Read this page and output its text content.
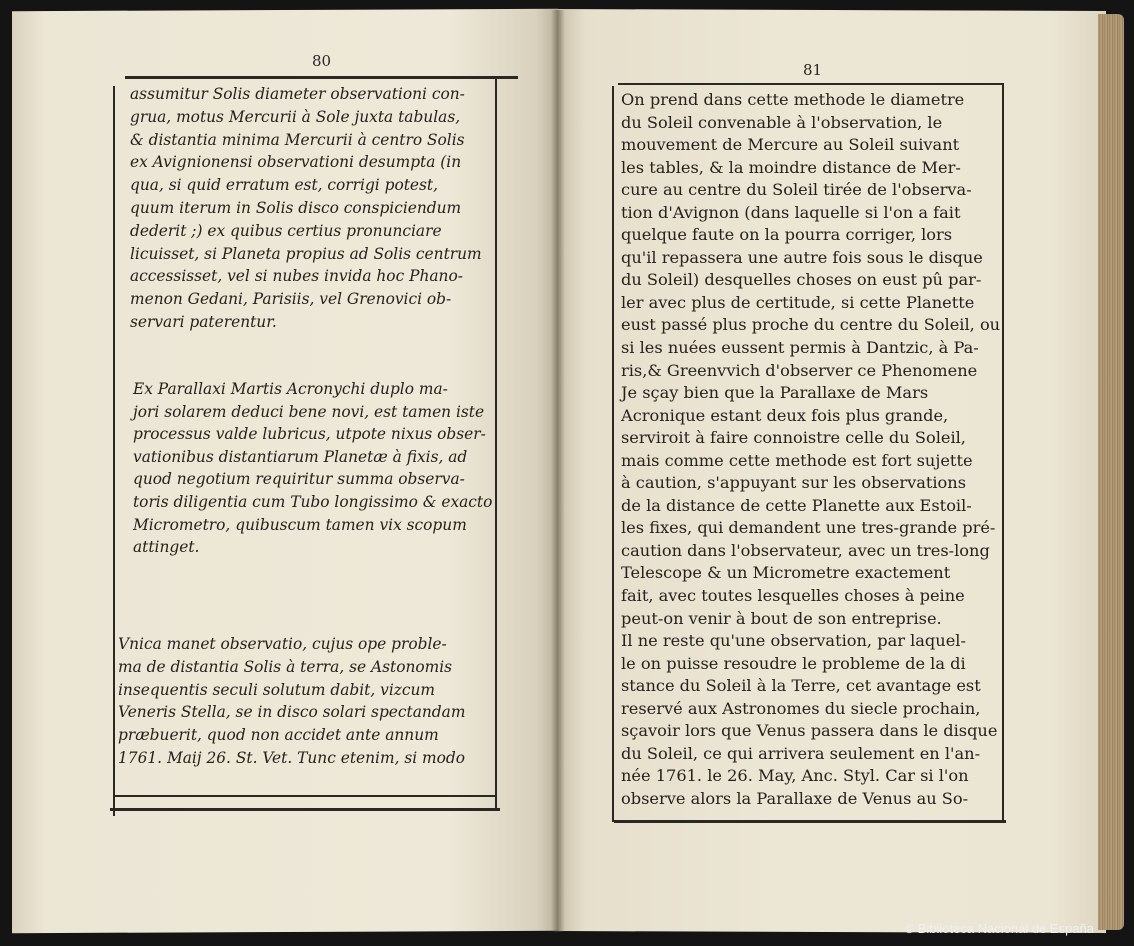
80	81
assumitur Solis diameter observationi con-
grua, motus Mercurii à Sole juxta tabulas,
& distantia minima Mercurii à centro Solis
ex Avignionensi observationi desumpta (in
qua, si quid erratum est, corrigi potest,
quum iterum in Solis disco conspiciendum
dederit ;) ex quibus certius pronunciare
licuisset, si Planeta propius ad Solis centrum
accessisset, vel si nubes invida hoc Phano-
menon Gedani, Parisiis, vel Grenovici ob-
servari paterentur.
Ex Parallaxi Martis Acronychi duplo ma-
jori solarem deduci bene novi, est tamen iste
processus valde lubricus, utpote nixus obser-
vationibus distantiarum Planetæ à fixis, ad
quod negotium requiritur summa observa-
toris diligentia cum Tubo longissimo & exacto
Micrometro, quibuscum tamen vix scopum
attinget.
Vnica manet observatio, cujus ope proble-
ma de distantia Solis à terra, se Astonomis
insequentis seculi solutum dabit, vizcum
Veneris Stella, se in disco solari spectandam
præbuerit, quod non accidet ante annum
1761. Maij 26. St. Vet. Tunc etenim, si modo
On prend dans cette methode le diametre
du Soleil convenable à l'observation, le
mouvement de Mercure au Soleil suivant
les tables, & la moindre distance de Mer-
cure au centre du Soleil tirée de l'observa-
tion d'Avignon (dans laquelle si l'on a fait
quelque faute on la pourra corriger, lors
qu'il repassera une autre fois sous le disque
du Soleil) desquelles choses on eust pû par-
ler avec plus de certitude, si cette Planette
eust passé plus proche du centre du Soleil, ou
si les nuées eussent permis à Dantzic, à Pa-
ris,& Greenvvich d'observer ce Phenomene
Je sçay bien que la Parallaxe de Mars
Acronique estant deux fois plus grande,
serviroit à faire connoistre celle du Soleil,
mais comme cette methode est fort sujette
à caution, s'appuyant sur les observations
de la distance de cette Planette aux Estoil-
les fixes, qui demandent une tres-grande pré-
caution dans l'observateur, avec un tres-long
Telescope & un Micrometre exactement
fait, avec toutes lesquelles choses à peine
peut-on venir à bout de son entreprise.
Il ne reste qu'une observation, par laquel-
le on puisse resoudre le probleme de la di
stance du Soleil à la Terre, cet avantage est
reservé aux Astronomes du siecle prochain,
sçavoir lors que Venus passera dans le disque
du Soleil, ce qui arrivera seulement en l'an-
née 1761. le 26. May, Anc. Styl. Car si l'on
observe alors la Parallaxe de Venus au So-
© Biblioteca Nacional de España
